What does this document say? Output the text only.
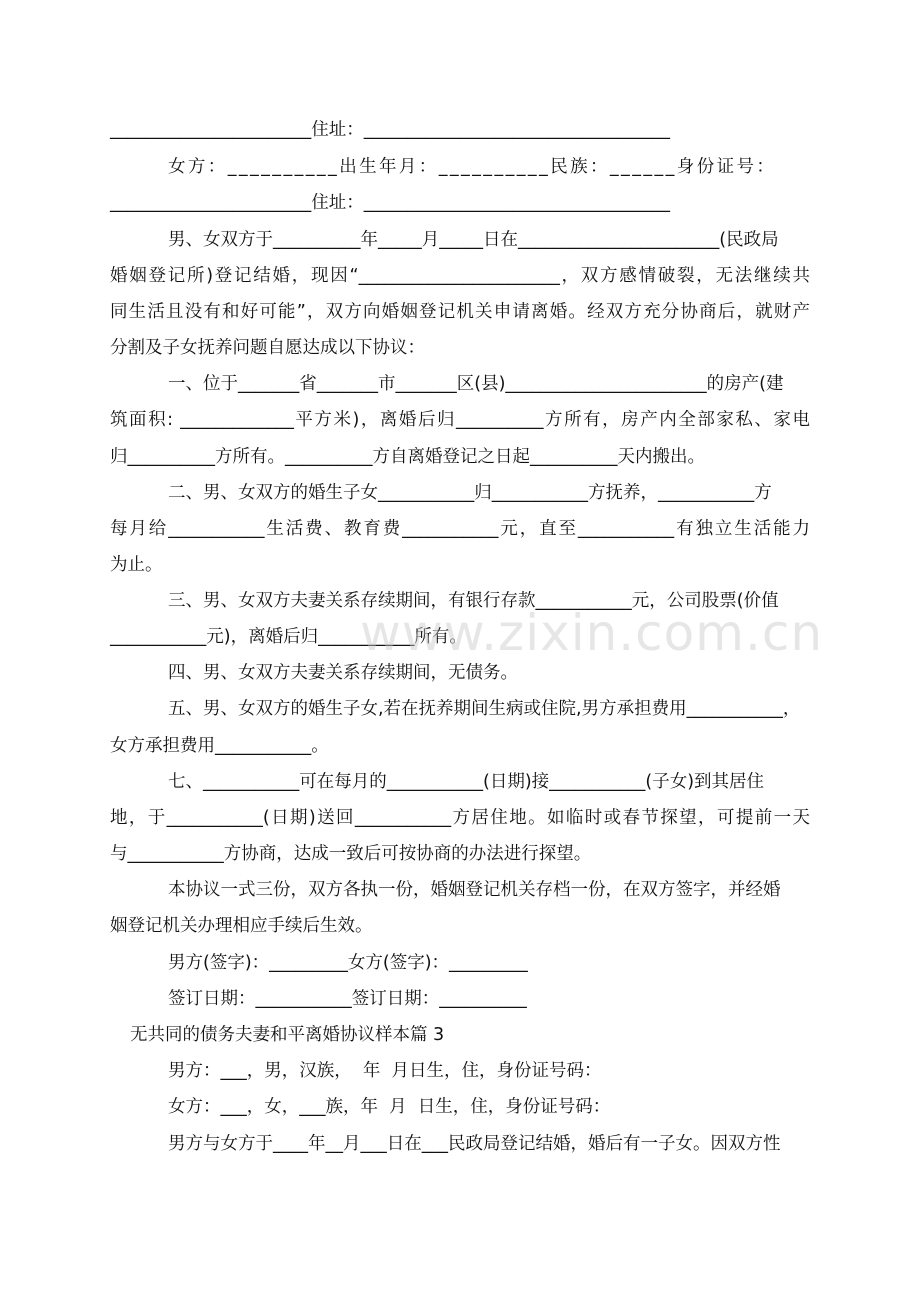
_______________________住址：___________________________________
女方：__________出生年月：__________民族：______身份证号：
_______________________住址：___________________________________
男、女双方于__________年_____月_____日在_______________________(民政局
婚姻登记所)登记结婚，现因“_______________________，双方感情破裂，无法继续共
同生活且没有和好可能”，双方向婚姻登记机关申请离婚。经双方充分协商后，就财产
分割及子女抚养问题自愿达成以下协议：
一、位于_______省_______市_______区(县)_______________________的房产(建
筑面积: _____________平方米)，离婚后归__________方所有，房产内全部家私、家电
归__________方所有。__________方自离婚登记之日起__________天内搬出。
二、男、女双方的婚生子女___________归___________方抚养，___________方
每月给___________生活费、教育费___________元，直至___________有独立生活能力
为止。
三、男、女双方夫妻关系存续期间，有银行存款___________元，公司股票(价值
___________元)，离婚后归___________所有。
四、男、女双方夫妻关系存续期间，无债务。
五、男、女双方的婚生子女,若在抚养期间生病或住院,男方承担费用___________，
女方承担费用___________。
七、___________可在每月的___________(日期)接___________(子女)到其居住
地，于___________(日期)送回___________方居住地。如临时或春节探望，可提前一天
与___________方协商，达成一致后可按协商的办法进行探望。
本协议一式三份，双方各执一份，婚姻登记机关存档一份，在双方签字，并经婚
姻登记机关办理相应手续后生效。
男方(签字)：_________女方(签字)：_________
签订日期：___________签订日期：__________
无共同的债务夫妻和平离婚协议样本篇 3
男方：___，男，汉族，  年  月日生，住，身份证号码：
女方：___，女，___族，年  月  日生，住，身份证号码：
男方与女方于____年__月___日在___民政局登记结婚，婚后有一子女。因双方性
www.zixin.com.cn
